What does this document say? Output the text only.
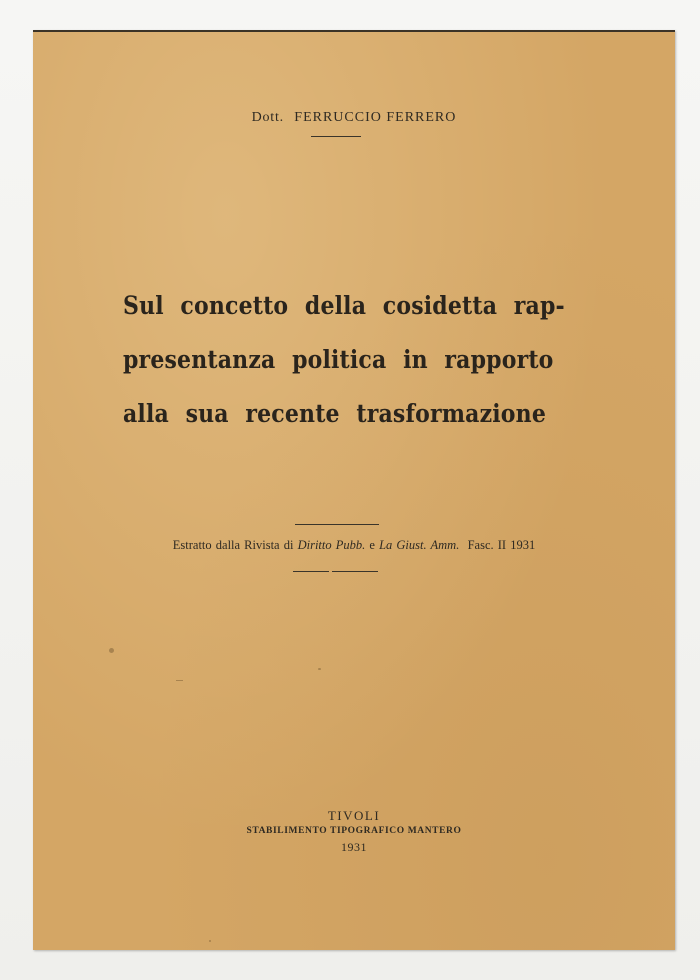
Dott. FERRUCCIO FERRERO
Sul concetto della cosidetta rap-
presentanza politica in rapporto
alla sua recente trasformazione
Estratto dalla Rivista di Diritto Pubb. e La Giust. Amm. Fasc. II 1931
TIVOLI
STABILIMENTO TIPOGRAFICO MANTERO
1931
